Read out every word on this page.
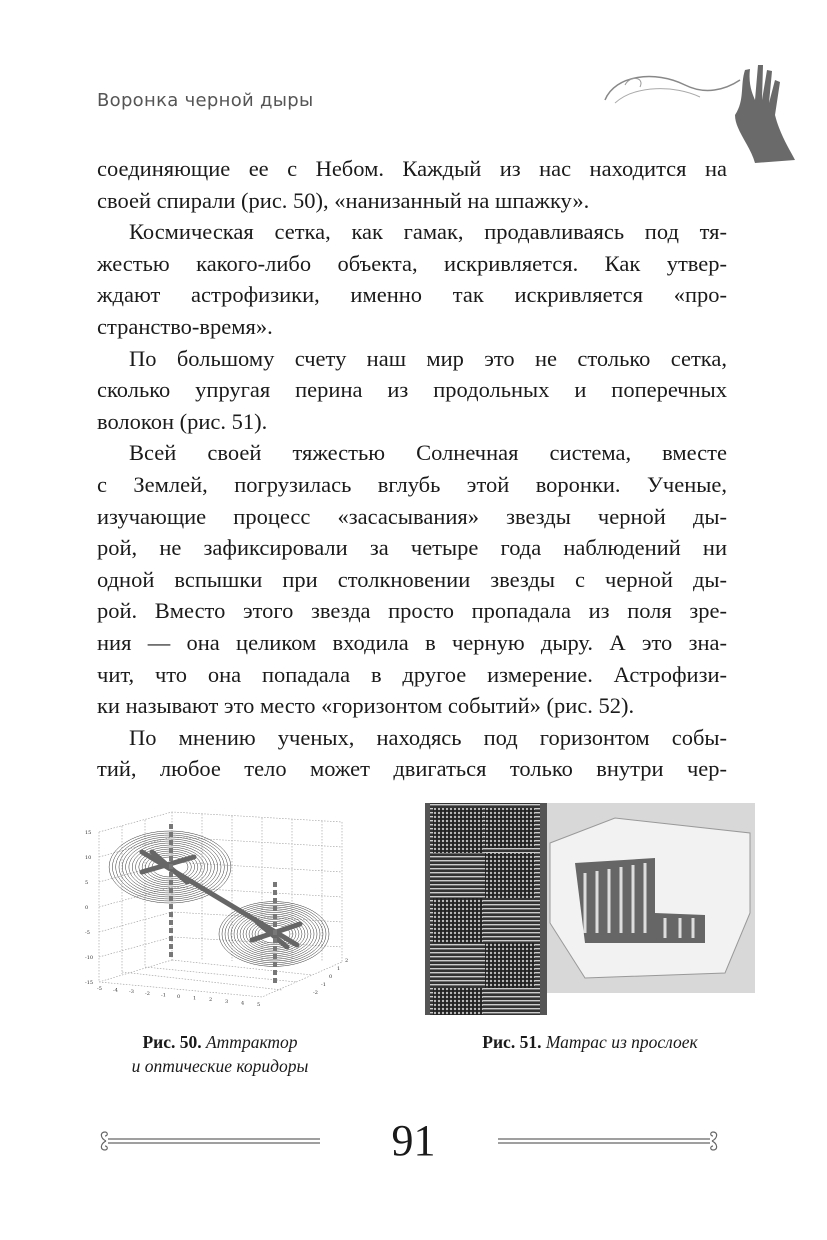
Воронка черной дыры
соединяющие ее с Небом. Каждый из нас находится на
своей спирали (рис. 50), «нанизанный на шпажку».
Космическая сетка, как гамак, продавливаясь под тя-
жестью какого-либо объекта, искривляется. Как утвер-
ждают астрофизики, именно так искривляется «про-
странство-время».
По большому счету наш мир это не столько сетка,
сколько упругая перина из продольных и поперечных
волокон (рис. 51).
Всей своей тяжестью Солнечная система, вместе
с Землей, погрузилась вглубь этой воронки. Ученые,
изучающие процесс «засасывания» звезды черной ды-
рой, не зафиксировали за четыре года наблюдений ни
одной вспышки при столкновении звезды с черной ды-
рой. Вместо этого звезда просто пропадала из поля зре-
ния — она целиком входила в черную дыру. А это зна-
чит, что она попадала в другое измерение. Астрофизи-
ки называют это место «горизонтом событий» (рис. 52).
По мнению ученых, находясь под горизонтом собы-
тий, любое тело может двигаться только внутри чер-
15
10
5
0
-5
-10
-15
-5 -4 -3 -2 -1 0	1	2	3	4	5
2
1
0
-1
-2
Рис. 50. Аттрактор
и оптические коридоры
Рис. 51. Матрас из прослоек
91
